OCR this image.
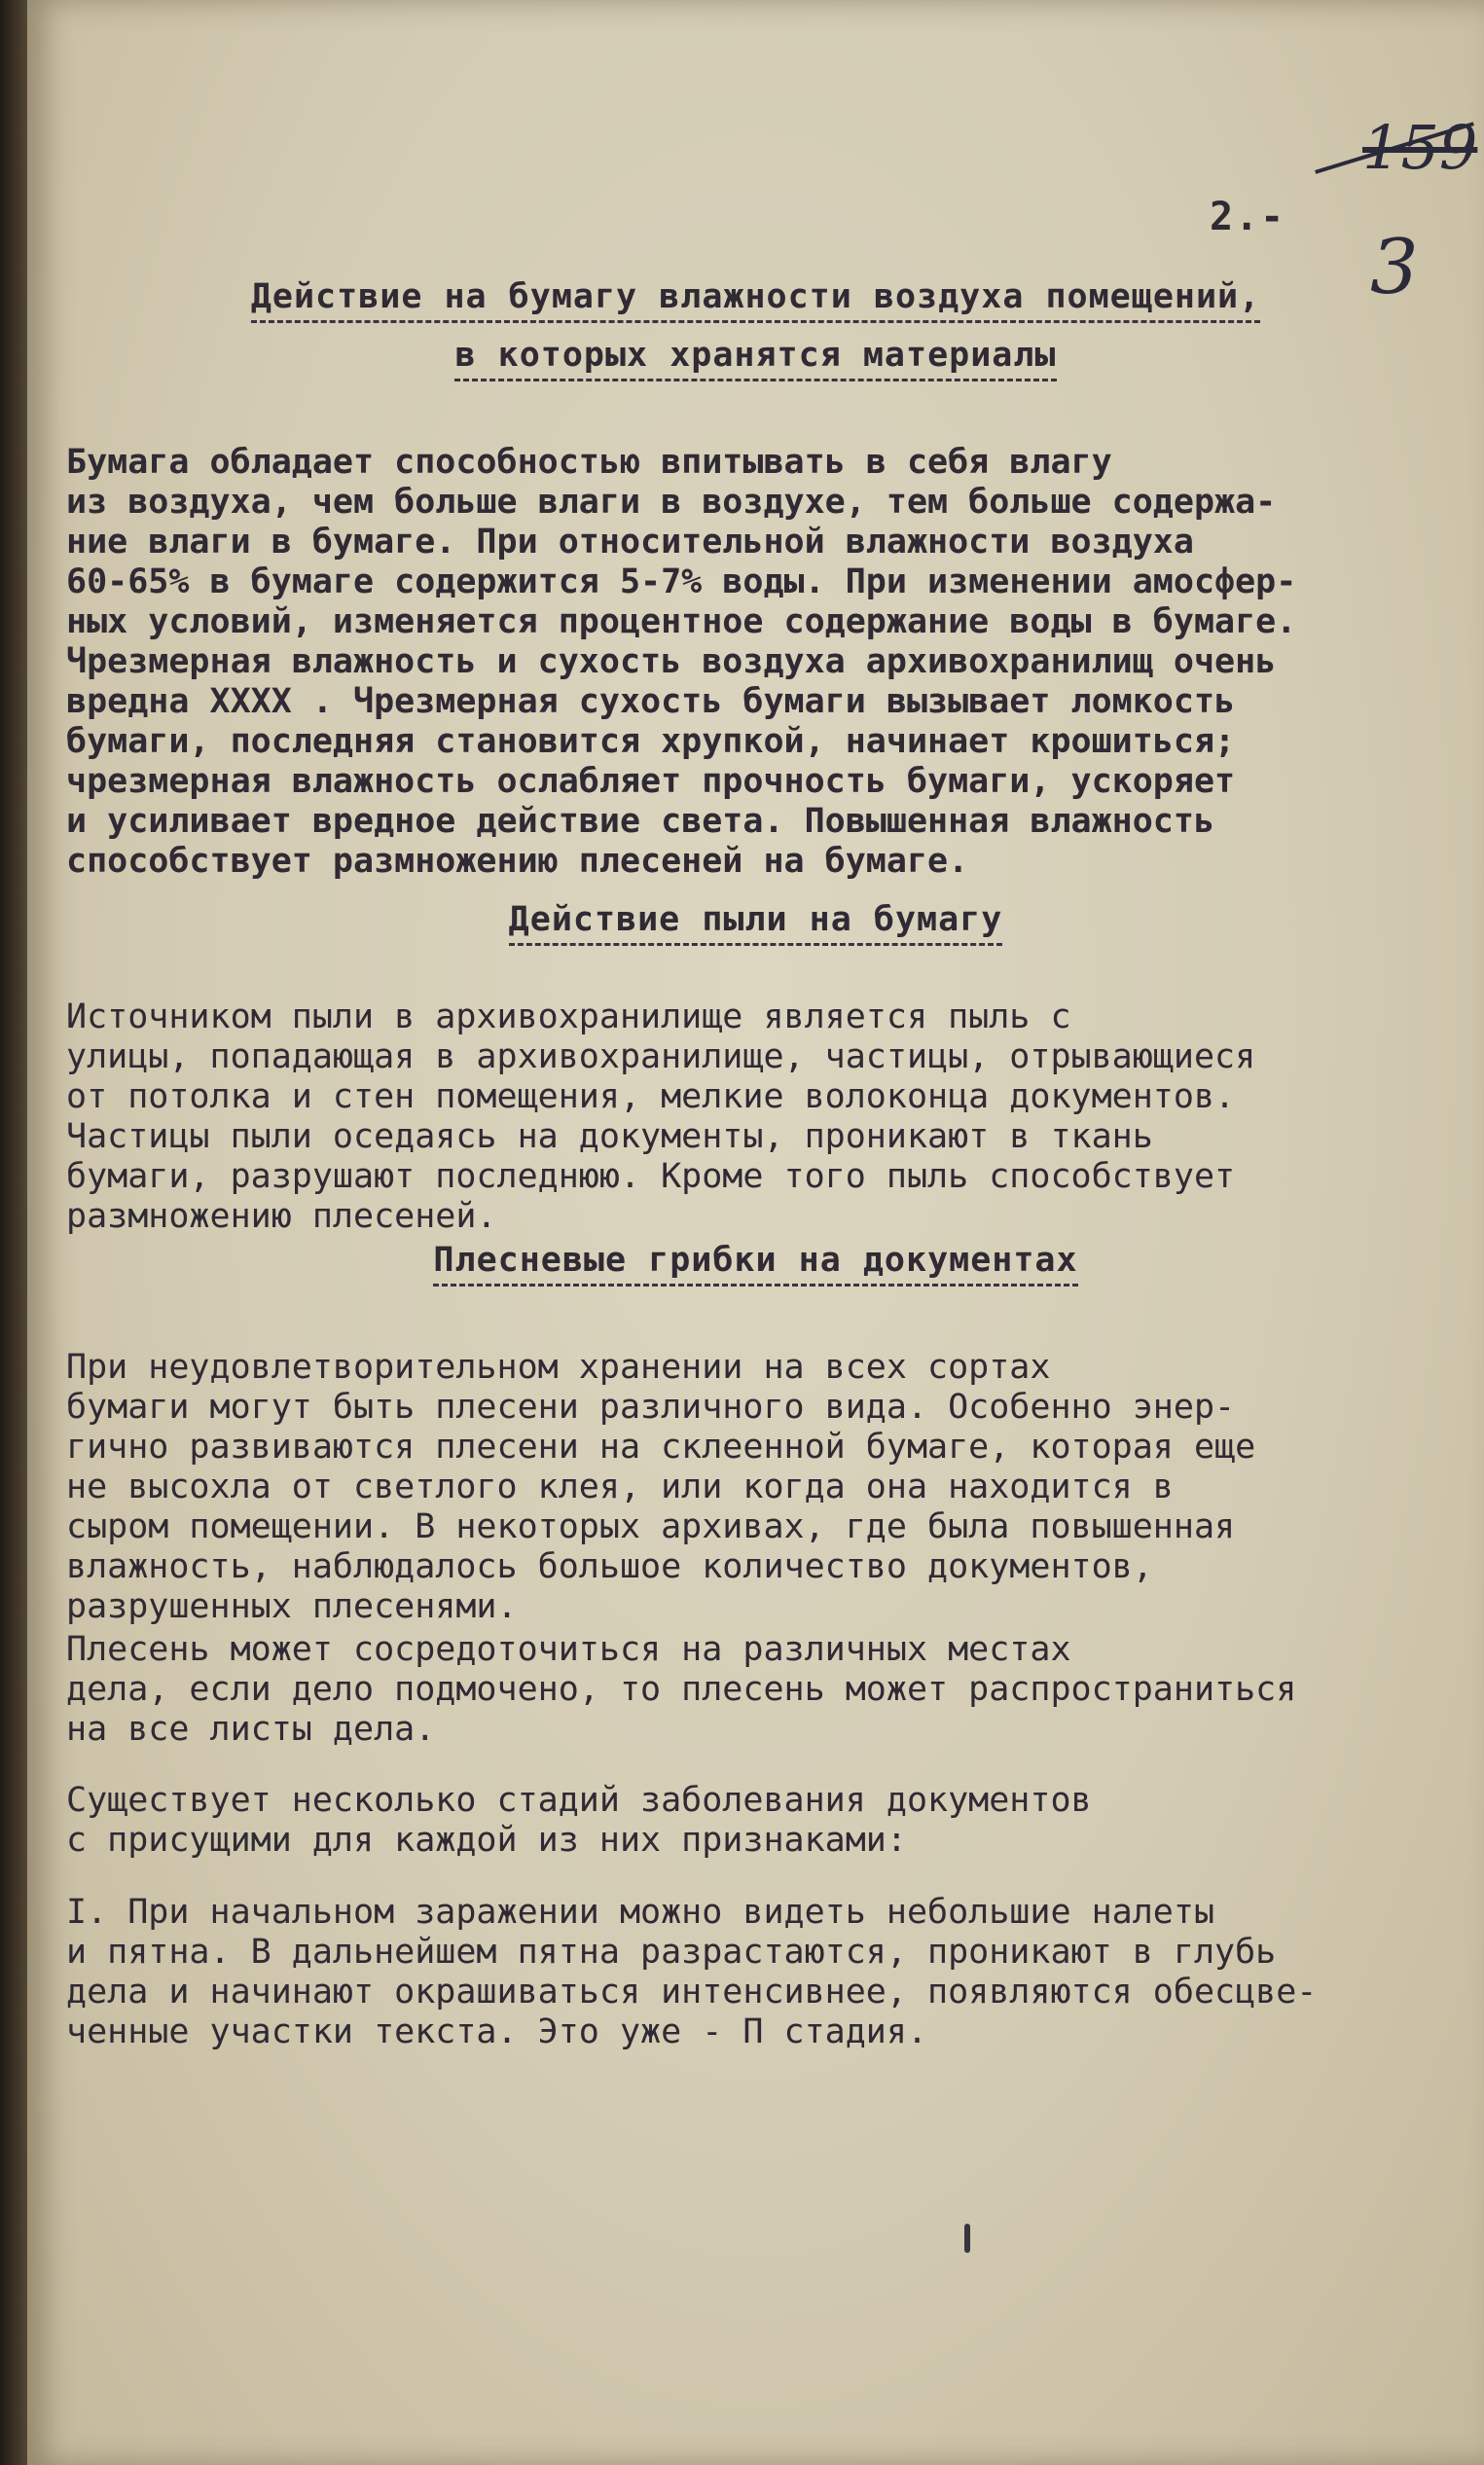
2.-
159
3
Действие на бумагу влажности воздуха помещений,
в которых хранятся материалы

Бумага обладает способностью впитывать в себя влагу
из воздуха, чем больше влаги в воздухе, тем больше содержа-
ние влаги в бумаге. При относительной влажности воздуха
60-65% в бумаге содержится 5-7% воды. При изменении амосфер-
ных условий, изменяется процентное содержание воды в бумаге.
Чрезмерная влажность и сухость воздуха архивохранилищ очень
вредна ХХХХ . Чрезмерная сухость бумаги вызывает ломкость
бумаги, последняя становится хрупкой, начинает крошиться;
чрезмерная влажность ослабляет прочность бумаги, ускоряет
и усиливает вредное действие света. Повышенная влажность
способствует размножению плесеней на бумаге.

Действие пыли на бумагу

Источником пыли в архивохранилище является пыль с
улицы, попадающая в архивохранилище, частицы, отрывающиеся
от потолка и стен помещения, мелкие волоконца документов.
Частицы пыли оседаясь на документы, проникают в ткань
бумаги, разрушают последнюю. Кроме того пыль способствует
размножению плесеней.

Плесневые грибки на документах

При неудовлетворительном хранении на всех сортах
бумаги могут быть плесени различного вида. Особенно энер-
гично развиваются плесени на склеенной бумаге, которая еще
не высохла от светлого клея, или когда она находится в
сыром помещении. В некоторых архивах, где была повышенная
влажность, наблюдалось большое количество документов,
разрушенных плесенями.

Плесень может сосредоточиться на различных местах
дела, если дело подмочено, то плесень может распространиться
на все листы дела.

Существует несколько стадий заболевания документов
с присущими для каждой из них признаками:

I. При начальном заражении можно видеть небольшие налеты
и пятна. В дальнейшем пятна разрастаются, проникают в глубь
дела и начинают окрашиваться интенсивнее, появляются обесцве-
ченные участки текста. Это уже - П стадия.
